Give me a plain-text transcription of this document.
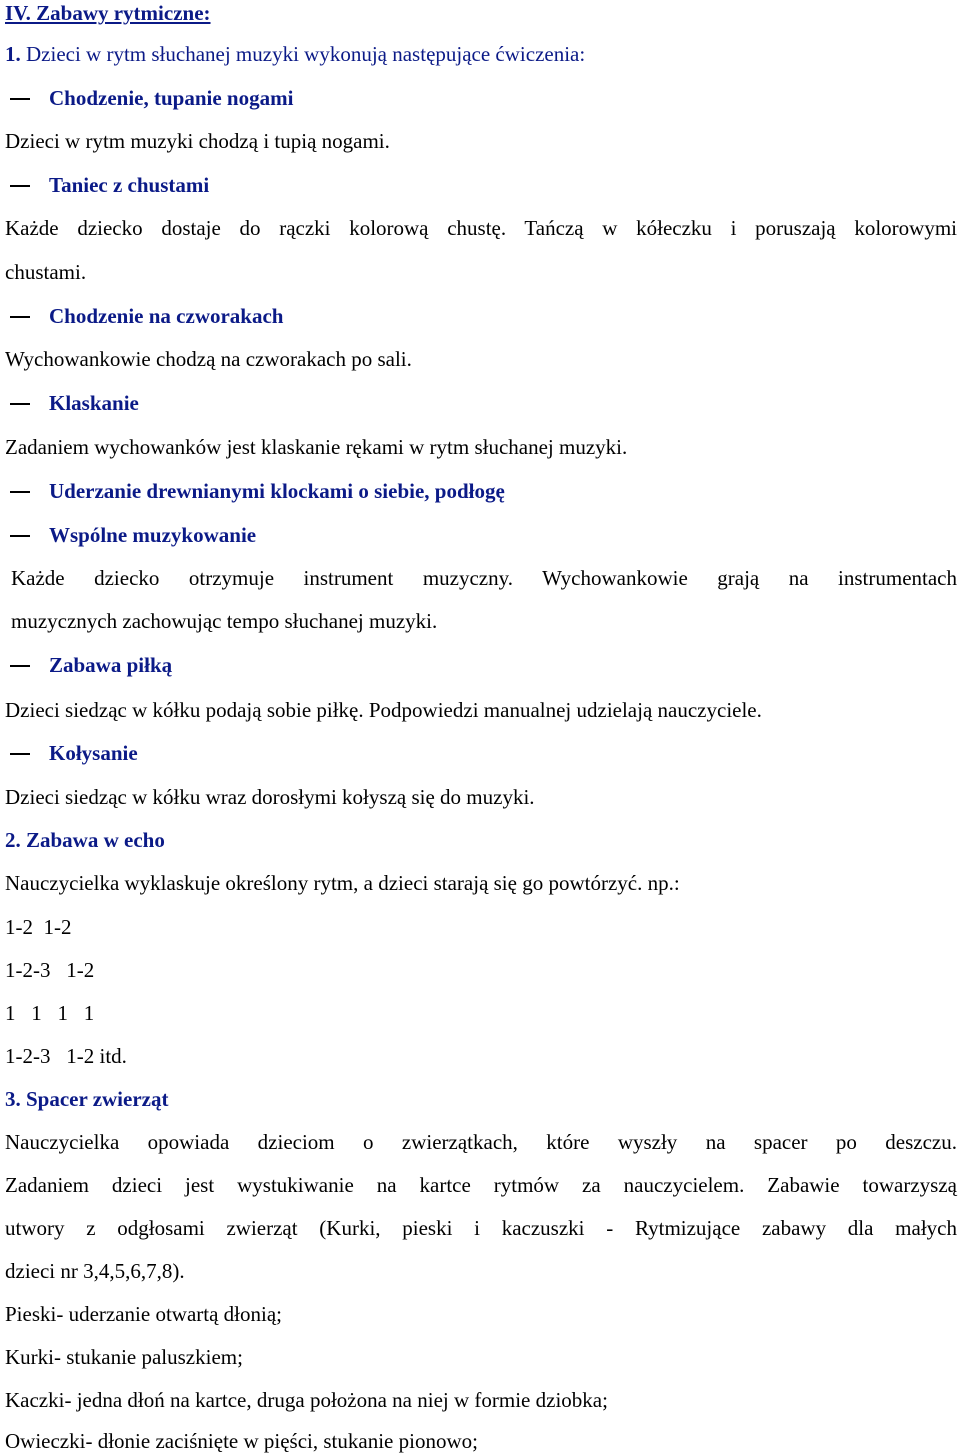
IV. Zabawy rytmiczne:
1. Dzieci w rytm słuchanej muzyki wykonują następujące ćwiczenia:
Chodzenie, tupanie nogami
Dzieci w rytm muzyki chodzą i tupią nogami.
Taniec z chustami
Każde dziecko dostaje do rączki kolorową chustę. Tańczą w kółeczku i poruszają kolorowymi
chustami.
Chodzenie na czworakach
Wychowankowie chodzą na czworakach po sali.
Klaskanie
Zadaniem wychowanków jest klaskanie rękami w rytm słuchanej muzyki.
Uderzanie drewnianymi klockami o siebie, podłogę
Wspólne muzykowanie
Każde dziecko otrzymuje instrument muzyczny. Wychowankowie grają na instrumentach
muzycznych zachowując tempo słuchanej muzyki.
Zabawa piłką
Dzieci siedząc w kółku podają sobie piłkę. Podpowiedzi manualnej udzielają nauczyciele.
Kołysanie
Dzieci siedząc w kółku wraz dorosłymi kołyszą się do muzyki.
2. Zabawa w echo
Nauczycielka wyklaskuje określony rytm, a dzieci starają się go powtórzyć. np.:
1-2  1-2
1-2-3   1-2
1   1   1   1
1-2-3   1-2 itd.
3. Spacer zwierząt
Nauczycielka opowiada dzieciom o zwierzątkach, które wyszły na spacer po deszczu.
Zadaniem dzieci jest wystukiwanie na kartce rytmów za nauczycielem. Zabawie towarzyszą
utwory z odgłosami zwierząt (Kurki, pieski i kaczuszki - Rytmizujące zabawy dla małych
dzieci nr 3,4,5,6,7,8).
Pieski- uderzanie otwartą dłonią;
Kurki- stukanie paluszkiem;
Kaczki- jedna dłoń na kartce, druga położona na niej w formie dziobka;
Owieczki- dłonie zaciśnięte w pięści, stukanie pionowo;
